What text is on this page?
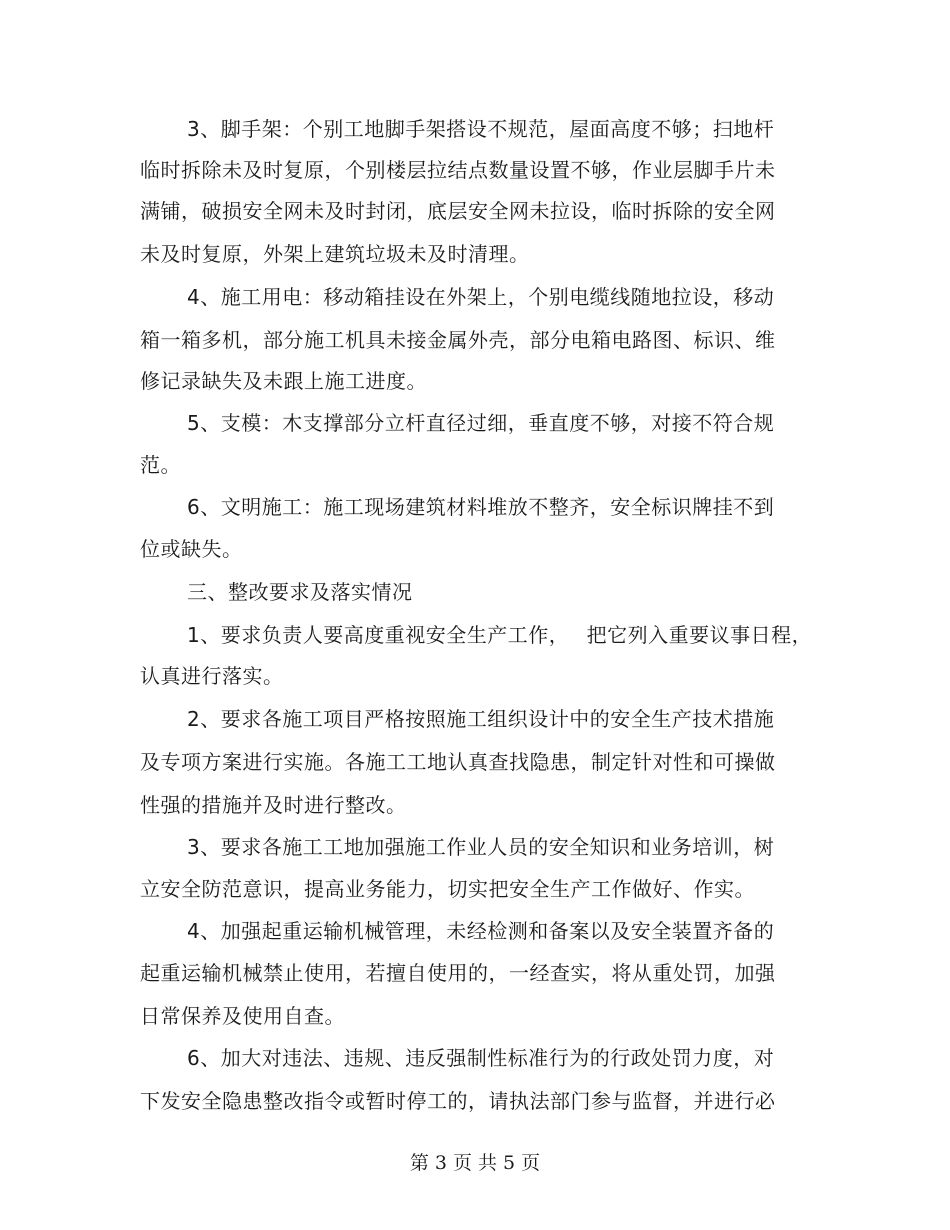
3、脚手架：个别工地脚手架搭设不规范，屋面高度不够；扫地杆
临时拆除未及时复原，个别楼层拉结点数量设置不够，作业层脚手片未
满铺，破损安全网未及时封闭，底层安全网未拉设，临时拆除的安全网
未及时复原，外架上建筑垃圾未及时清理。
4、施工用电：移动箱挂设在外架上，个别电缆线随地拉设，移动
箱一箱多机，部分施工机具未接金属外壳，部分电箱电路图、标识、维
修记录缺失及未跟上施工进度。
5、支模：木支撑部分立杆直径过细，垂直度不够，对接不符合规
范。
6、文明施工：施工现场建筑材料堆放不整齐，安全标识牌挂不到
位或缺失。
三、整改要求及落实情况
1、要求负责人要高度重视安全生产工作，　 把它列入重要议事日程，
认真进行落实。
2、要求各施工项目严格按照施工组织设计中的安全生产技术措施
及专项方案进行实施。各施工工地认真查找隐患，制定针对性和可操做
性强的措施并及时进行整改。
3、要求各施工工地加强施工作业人员的安全知识和业务培训，树
立安全防范意识，提高业务能力，切实把安全生产工作做好、作实。
4、加强起重运输机械管理，未经检测和备案以及安全装置齐备的
起重运输机械禁止使用，若擅自使用的，一经查实，将从重处罚，加强
日常保养及使用自查。
6、加大对违法、违规、违反强制性标准行为的行政处罚力度，对
下发安全隐患整改指令或暂时停工的，请执法部门参与监督，并进行必
第 3 页 共 5 页
